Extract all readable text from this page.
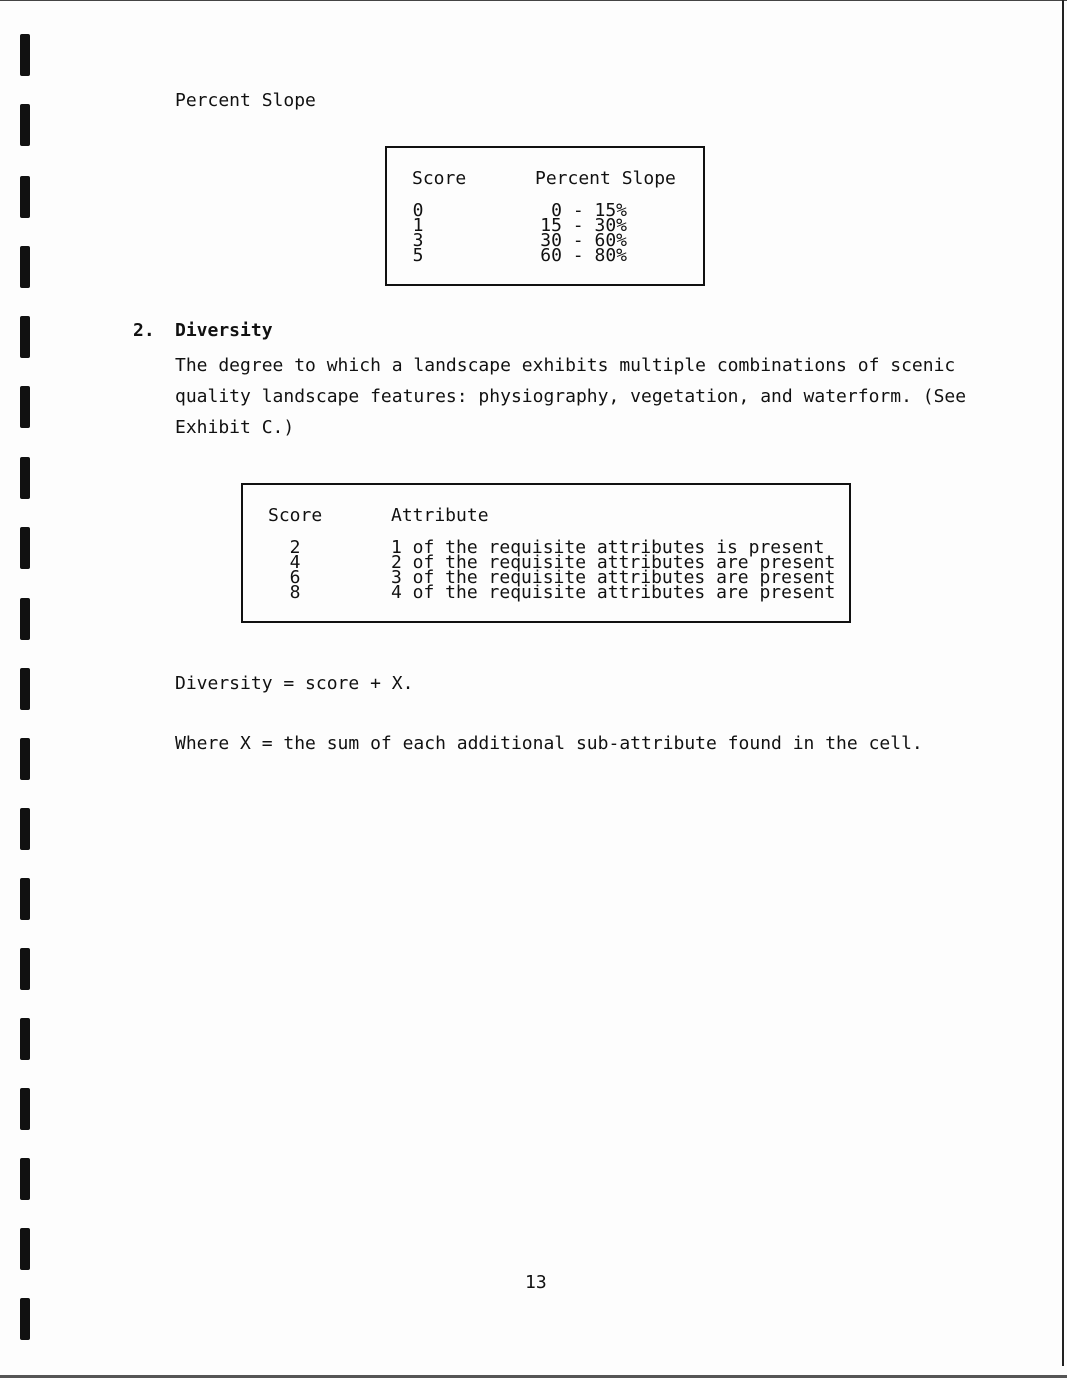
Percent Slope
Score	Percent Slope
0
1
3
5
0 - 15%
15 - 30%
30 - 60%
60 - 80%
2. Diversity
The degree to which a landscape exhibits multiple combinations of scenic
quality landscape features: physiography, vegetation, and waterform. (See
Exhibit C.)
Score	Attribute
2
4
6
8
1 of the requisite attributes is present
2 of the requisite attributes are present
3 of the requisite attributes are present
4 of the requisite attributes are present
Diversity = score + X.
Where X = the sum of each additional sub-attribute found in the cell.
13
